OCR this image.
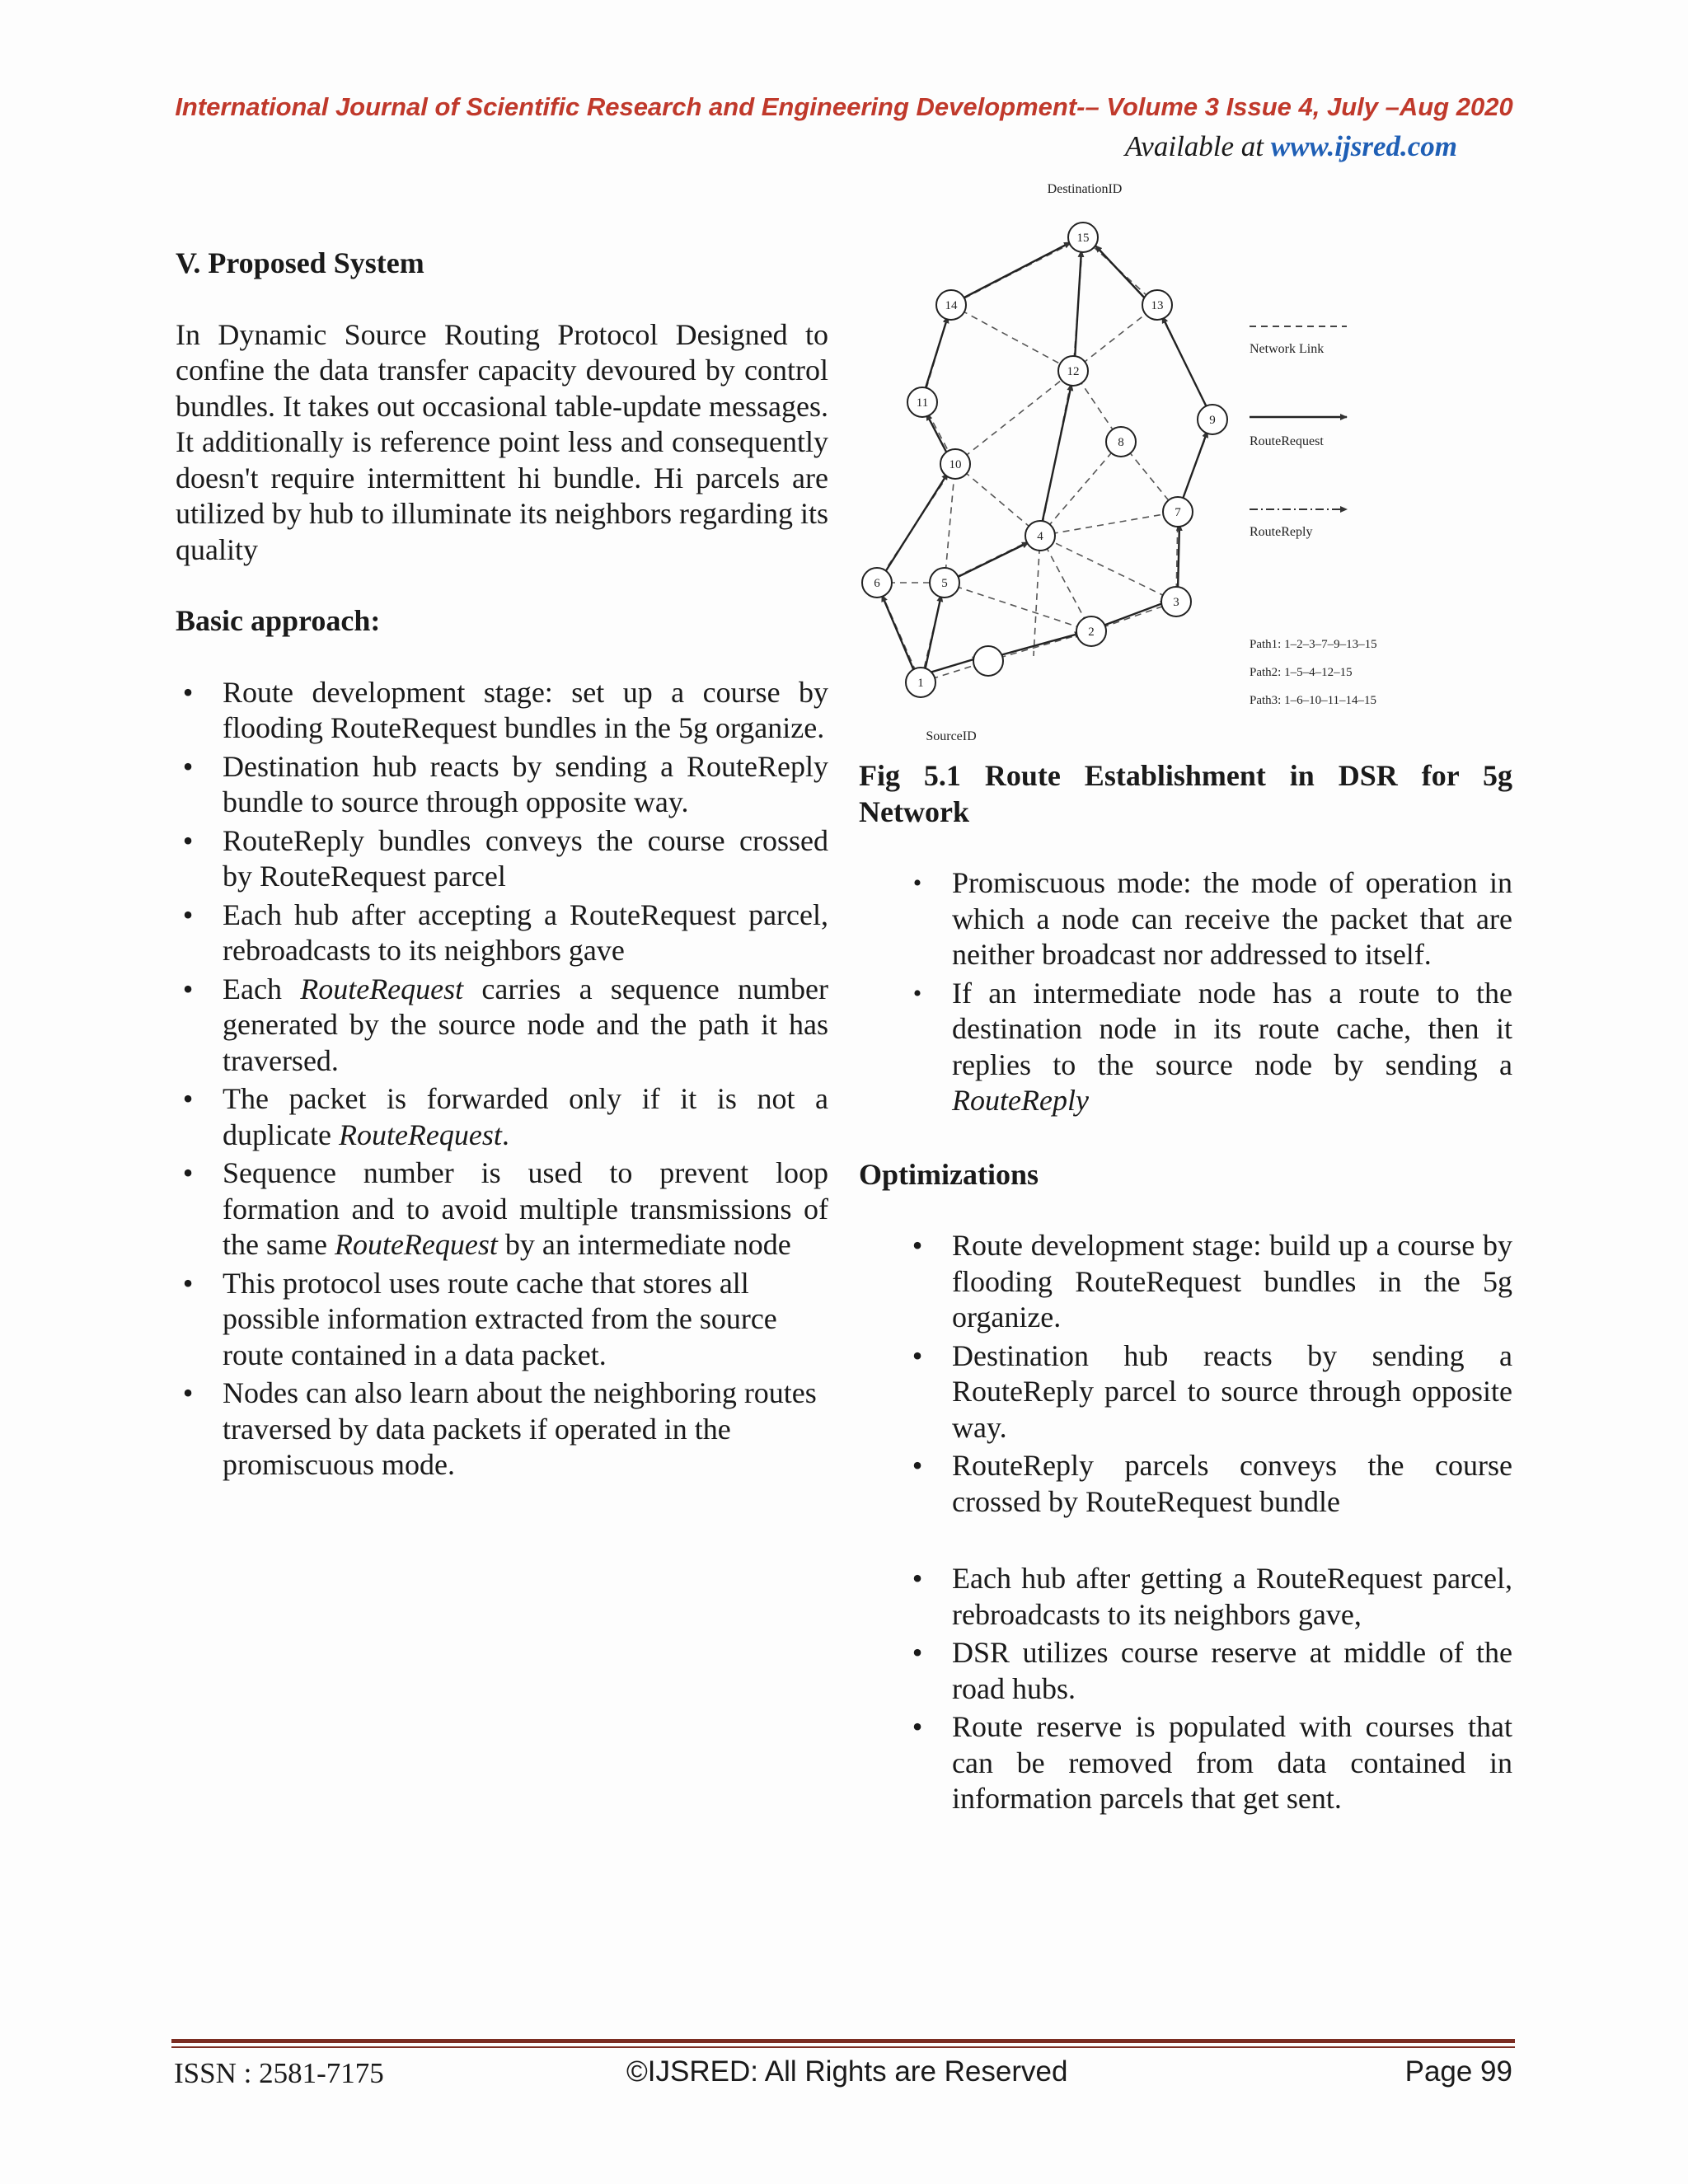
International Journal of Scientific Research and Engineering Development-– Volume 3 Issue 4, July –Aug 2020
Available at www.ijsred.com

V. Proposed System

In Dynamic Source Routing Protocol Designed to confine the data transfer capacity devoured by control bundles. It takes out occasional table-update messages. It additionally is reference point less and consequently doesn't require intermittent hi bundle. Hi parcels are utilized by hub to illuminate its neighbors regarding its quality

Basic approach:

• Route development stage: set up a course by flooding RouteRequest bundles in the 5g organize.
• Destination hub reacts by sending a RouteReply bundle to source through opposite way.
• RouteReply bundles conveys the course crossed by RouteRequest parcel
• Each hub after accepting a RouteRequest parcel, rebroadcasts to its neighbors gave
• Each RouteRequest carries a sequence number generated by the source node and the path it has traversed.
• The packet is forwarded only if it is not a duplicate RouteRequest.
• Sequence number is used to prevent loop formation and to avoid multiple transmissions of the same RouteRequest by an intermediate node
• This protocol uses route cache that stores all possible information extracted from the source route contained in a data packet.
• Nodes can also learn about the neighboring routes traversed by data packets if operated in the promiscuous mode.
1
2
3
4
5
6
7
8
9
10
11
12
13
14
15
DestinationID
SourceID
Network Link
RouteRequest
RouteReply
Path1: 1–2–3–7–9–13–15
Path2: 1–5–4–12–15
Path3: 1–6–10–11–14–15

Fig 5.1 Route Establishment in DSR for 5g Network

• Promiscuous mode: the mode of operation in which a node can receive the packet that are neither broadcast nor addressed to itself.
• If an intermediate node has a route to the destination node in its route cache, then it replies to the source node by sending a RouteReply

Optimizations

• Route development stage: build up a course by flooding RouteRequest bundles in the 5g organize.
• Destination hub reacts by sending a RouteReply parcel to source through opposite way.
• RouteReply parcels conveys the course crossed by RouteRequest bundle
• Each hub after getting a RouteRequest parcel, rebroadcasts to its neighbors gave,
• DSR utilizes course reserve at middle of the road hubs.
• Route reserve is populated with courses that can be removed from data contained in information parcels that get sent.
ISSN : 2581-7175	©IJSRED: All Rights are Reserved	Page 99
